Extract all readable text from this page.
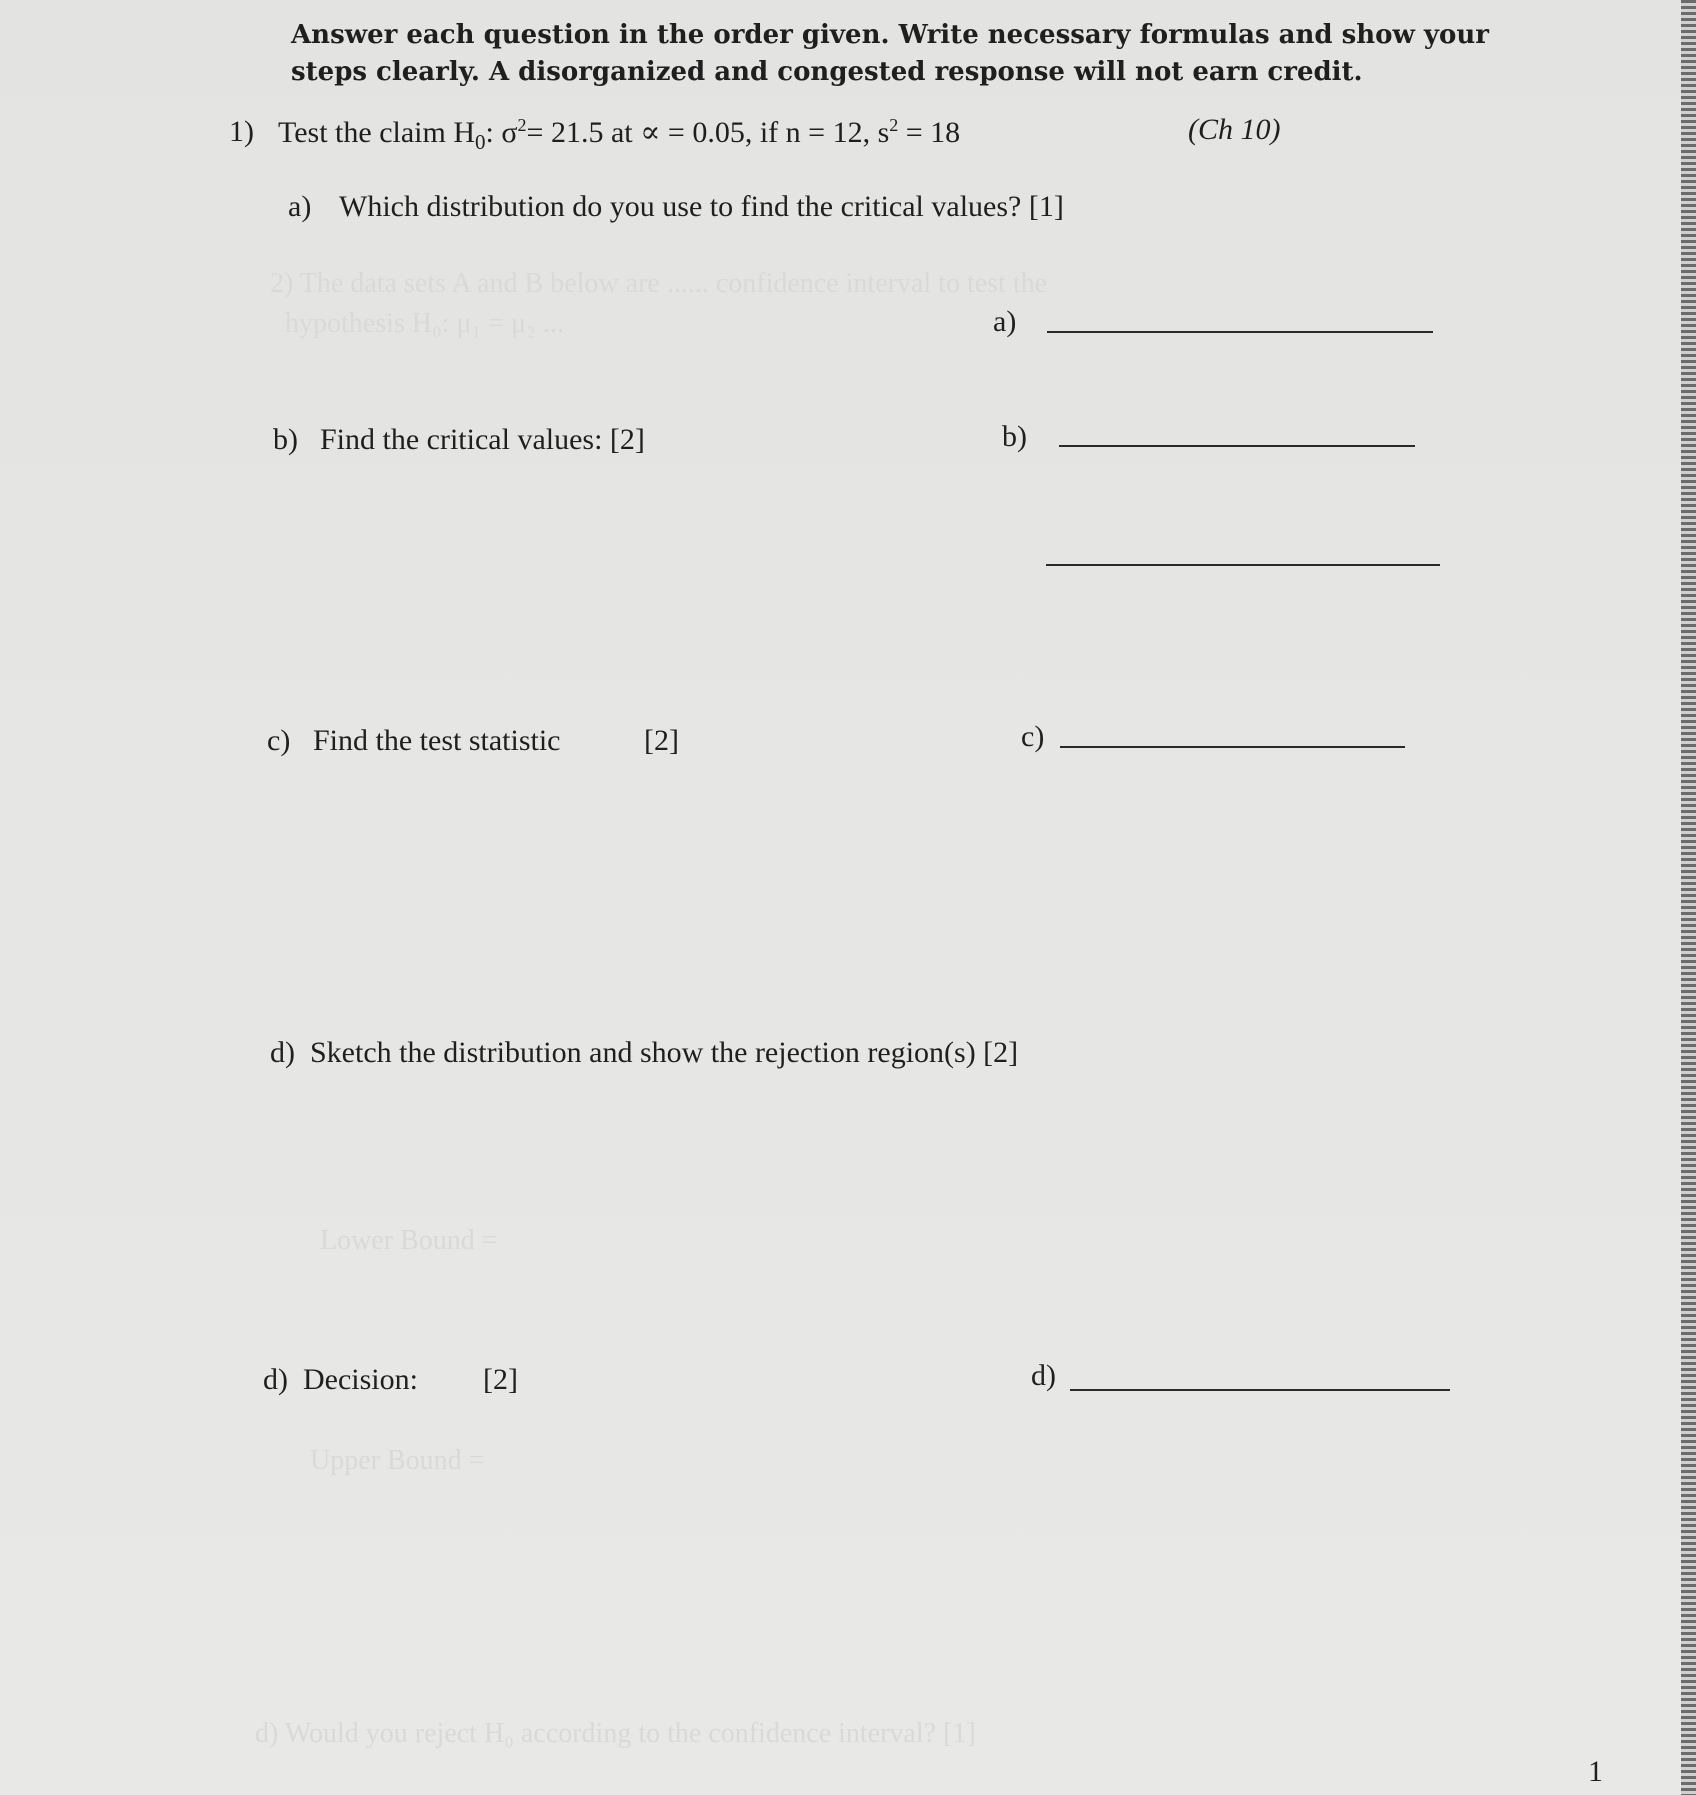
2) The data sets A and B below are ...... confidence interval to test the
hypothesis H₀: μ₁ = μ₂ ...
Lower Bound =
Upper Bound =
d) Would you reject H₀ according to the confidence interval? [1]
Answer each question in the order given. Write necessary formulas and show your
steps clearly. A disorganized and congested response will not earn credit.
1) Test the claim $H_0$: $\sigma^2= 21.5$ at ∝ = 0.05, if n = 12, $s^2 = 18$	(Ch 10)
a) Which distribution do you use to find the critical values? [1]
a)
b) Find the critical values: [2]	b)
c) Find the test statistic	[2]	c)
d) Sketch the distribution and show the rejection region(s) [2]
d) Decision: [2]	d)
1
